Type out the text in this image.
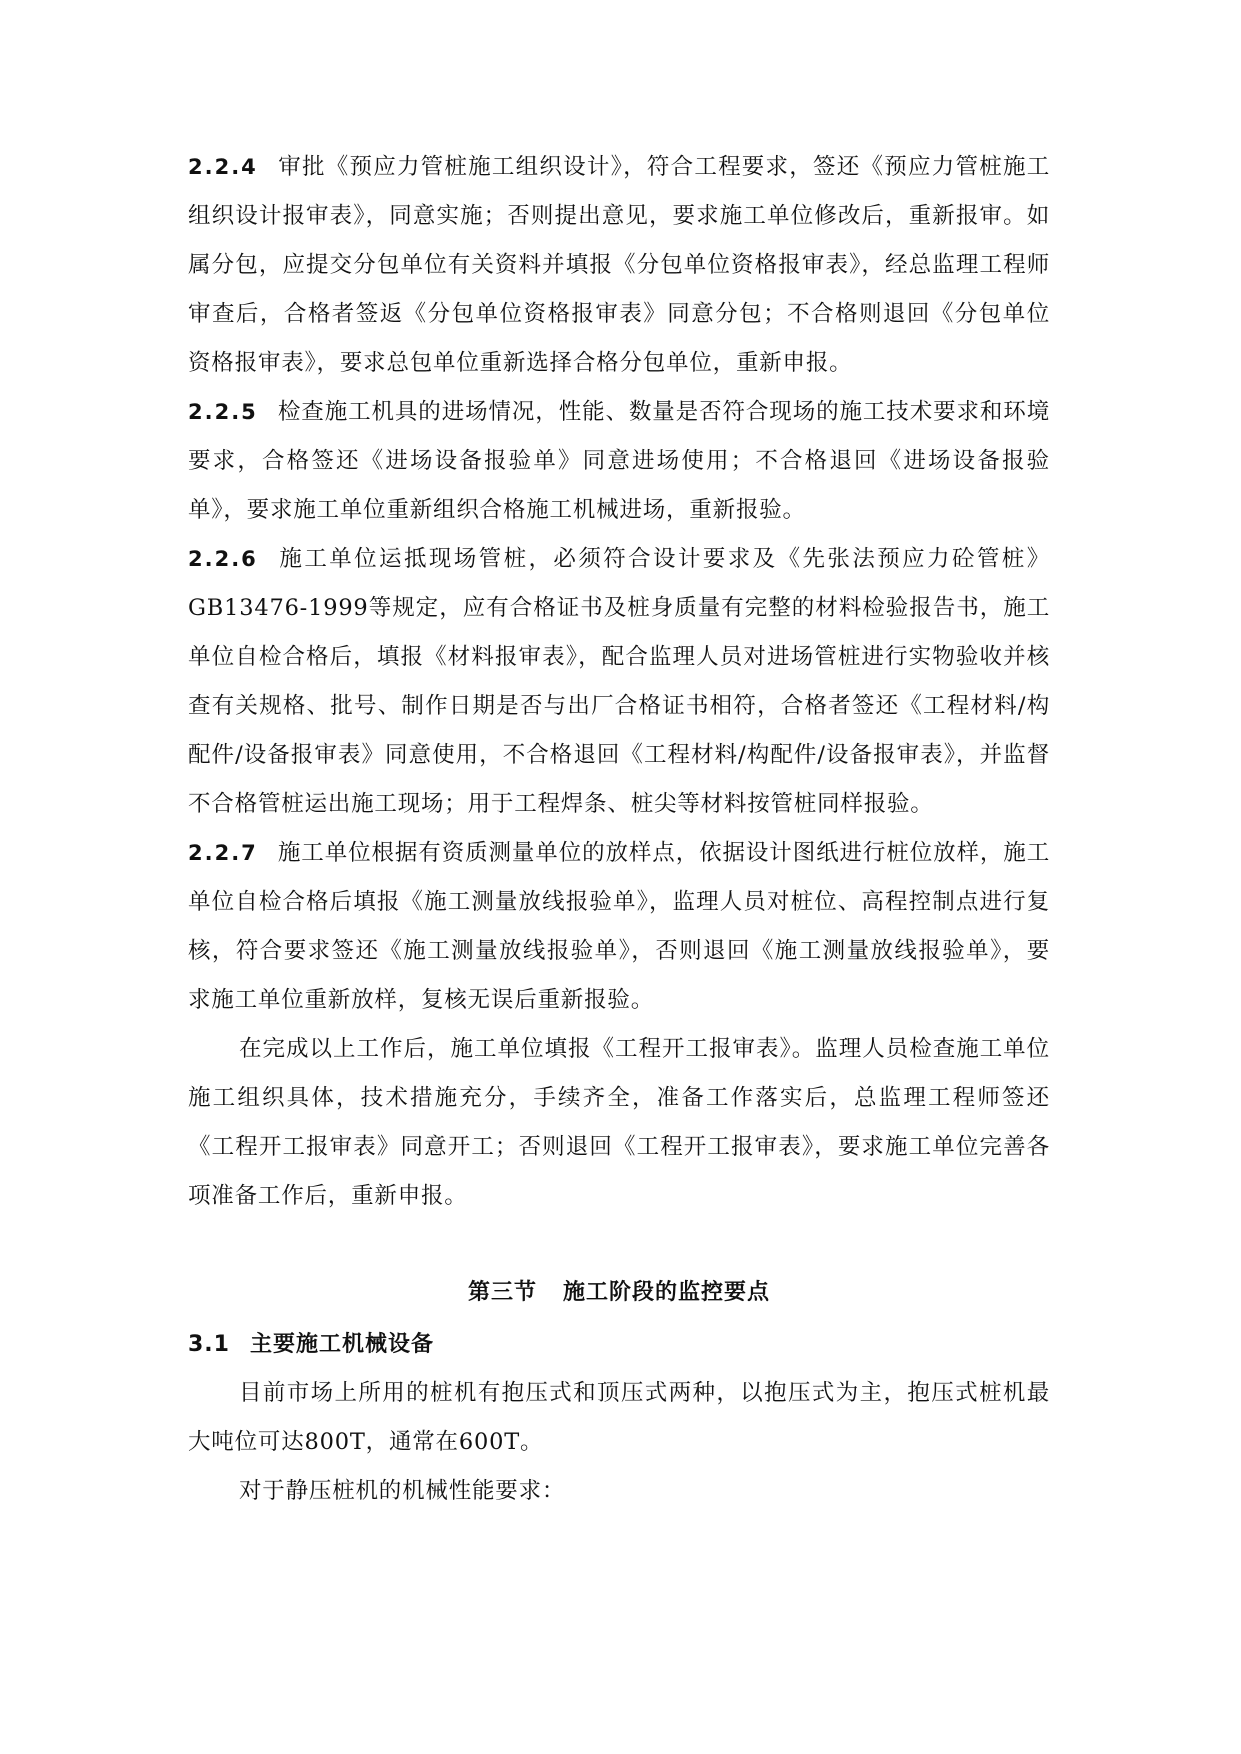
2.2.4 审批《预应力管桩施工组织设计》，符合工程要求，签还《预应力管桩施工组织设计报审表》，同意实施；否则提出意见，要求施工单位修改后，重新报审。如属分包，应提交分包单位有关资料并填报《分包单位资格报审表》，经总监理工程师审查后，合格者签返《分包单位资格报审表》同意分包；不合格则退回《分包单位资格报审表》，要求总包单位重新选择合格分包单位，重新申报。

2.2.5 检查施工机具的进场情况，性能、数量是否符合现场的施工技术要求和环境要求，合格签还《进场设备报验单》同意进场使用；不合格退回《进场设备报验单》，要求施工单位重新组织合格施工机械进场，重新报验。

2.2.6 施工单位运抵现场管桩，必须符合设计要求及《先张法预应力砼管桩》GB13476-1999等规定，应有合格证书及桩身质量有完整的材料检验报告书，施工单位自检合格后，填报《材料报审表》，配合监理人员对进场管桩进行实物验收并核查有关规格、批号、制作日期是否与出厂合格证书相符，合格者签还《工程材料/构配件/设备报审表》同意使用，不合格退回《工程材料/构配件/设备报审表》，并监督不合格管桩运出施工现场；用于工程焊条、桩尖等材料按管桩同样报验。

2.2.7 施工单位根据有资质测量单位的放样点，依据设计图纸进行桩位放样，施工单位自检合格后填报《施工测量放线报验单》，监理人员对桩位、高程控制点进行复核，符合要求签还《施工测量放线报验单》，否则退回《施工测量放线报验单》，要求施工单位重新放样，复核无误后重新报验。

在完成以上工作后，施工单位填报《工程开工报审表》。监理人员检查施工单位施工组织具体，技术措施充分，手续齐全，准备工作落实后，总监理工程师签还《工程开工报审表》同意开工；否则退回《工程开工报审表》，要求施工单位完善各项准备工作后，重新申报。

第三节 施工阶段的监控要点
3.1 主要施工机械设备

目前市场上所用的桩机有抱压式和顶压式两种，以抱压式为主，抱压式桩机最大吨位可达800T，通常在600T。

对于静压桩机的机械性能要求：
